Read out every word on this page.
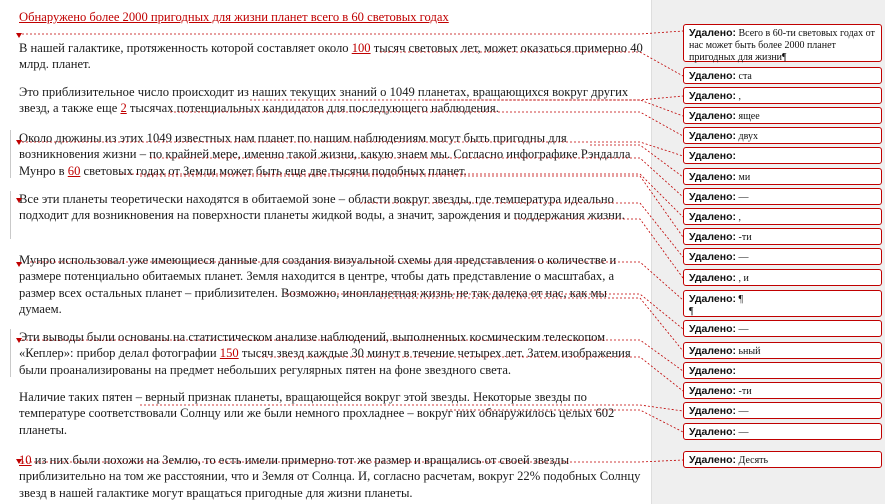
Обнаружено более 2000 пригодных для жизни планет всего в 60 световых годах
В нашей галактике, протяженность которой составляет около 100 тысяч световых лет, может оказаться примерно 40 млрд. планет.
Это приблизительное число происходит из наших текущих знаний о 1049 планетах, вращающихся вокруг других звезд, а также еще 2 тысячах потенциальных кандидатов для последующего наблюдения.
Около дюжины из этих 1049 известных нам планет по нашим наблюдениям могут быть пригодны для возникновения жизни – по крайней мере, именно такой жизни, какую знаем мы. Согласно инфографике Рэндалла Мунро в 60 световых годах от Земли может быть еще две тысячи подобных планет.
Все эти планеты теоретически находятся в обитаемой зоне – области вокруг звезды, где температура идеально подходит для возникновения на поверхности планеты жидкой воды, а значит, зарождения и поддержания жизни.
Мунро использовал уже имеющиеся данные для создания визуальной схемы для представления о количестве и размере потенциально обитаемых планет. Земля находится в центре, чтобы дать представление о масштабах, а размер всех остальных планет – приблизителен. Возможно, инопланетная жизнь не так далека от нас, как мы думаем.
Эти выводы были основаны на статистическом анализе наблюдений, выполненных космическим телескопом «Кеплер»: прибор делал фотографии 150 тысяч звезд каждые 30 минут в течение четырех лет. Затем изображения были проанализированы на предмет небольших регулярных пятен на фоне звездного света.
Наличие таких пятен – верный признак планеты, вращающейся вокруг этой звезды. Некоторые звезды по температуре соответствовали Солнцу или же были немного прохладнее – вокруг них обнаружилось целых 602 планеты.
10 из них были похожи на Землю, то есть имели примерно тот же размер и вращались от своей звезды приблизительно на том же расстоянии, что и Земля от Солнца. И, согласно расчетам, вокруг 22% подобных Солнцу звезд в нашей галактике могут вращаться пригодные для жизни планеты.
Удалено: Всего в 60-ти световых годах от нас может быть более 2000 планет пригодных для жизни¶
Удалено: ста
Удалено: ,
Удалено: ящее
Удалено: двух
Удалено:
Удалено: ми
Удалено: —
Удалено: ,
Удалено: -ти
Удалено: —
Удалено: , и
Удалено: ¶
¶
Удалено: —
Удалено: ьный
Удалено:
Удалено: -ти
Удалено: —
Удалено: —
Удалено: Десять
